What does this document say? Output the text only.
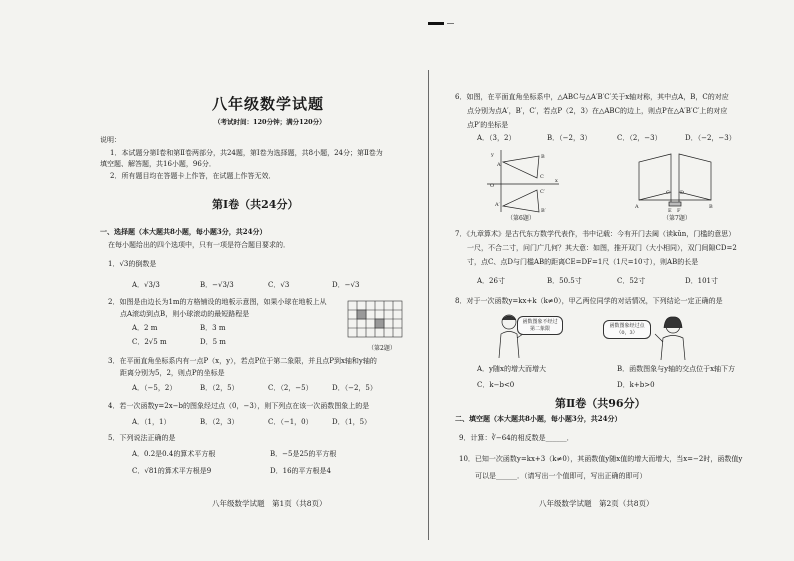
八年级数学试题
（考试时间：120分钟；满分120分）
说明：
1．本试题分第Ⅰ卷和第Ⅱ卷两部分，共24题，第Ⅰ卷为选择题，共8小题，24分；第Ⅱ卷为
填空题、解答题，共16小题，96分．
2．所有题目均在答题卡上作答，在试题上作答无效．
第Ⅰ卷（共24分）
一、选择题（本大题共8小题，每小题3分，共24分）
在每小题给出的四个选项中，只有一项是符合题目要求的．
1．√3的倒数是
A．√3/3	B．−√3/3	C．√3	D．−√3
2．如图是由边长为1m的方格铺设的地板示意图，如果小球在地板上从
点A滚动到点B，则小球滚动的最短路程是
A．2 m	B．3 m
C．2√5 m	D．5 m
（第2题）
3．在平面直角坐标系内有一点P（x，y），若点P位于第二象限，并且点P到x轴和y轴的
距离分别为5，2，则点P的坐标是
A．（−5，2）	B．（2，5）	C．（2，−5）	D．（−2，5）
4．若一次函数y=2x−b的图象经过点（0，−3），则下列点在该一次函数图象上的是
A．（1，1）	B．（2，3）	C．（−1，0）	D．（1，5）
5．下列说法正确的是
A．0.2是0.4的算术平方根	B．−5是25的平方根
C．√81的算术平方根是9	D．16的平方根是4
八年级数学试题　第1页（共8页）
6．如图，在平面直角坐标系中，△ABC与△A′B′C′关于x轴对称，其中点A，B，C的对应
点分别为点A′，B′，C′，若点P（2，3）在△ABC的边上，则点P在△A′B′C′上的对应
点P′的坐标是
A．（3，2）	B．（−2，3）	C．（2，−3）	D．（−2，−3）
y
x
O
A
B
C
A′
B′
C′
（第6题）
A	B
C D
E F
（第7题）
7．《九章算术》是古代东方数学代表作，书中记载：今有开门去阃（读kǔn，门槛的意思）
一尺，不合二寸，问门广几何？其大意：如图，推开双门（大小相同），双门间隙CD=2
寸，点C、点D与门槛AB的距离CE=DF=1尺（1尺=10寸），则AB的长是
A．26寸	B．50.5寸	C．52寸	D．101寸
8．对于一次函数y=kx+k（k≠0），甲乙两位同学的对话情况，下列结论一定正确的是
函数图象不经过第二象限	函数图象经过点（0，3）
A．y随x的增大而增大	B．函数图象与y轴的交点位于x轴下方
C．k−b<0	D．k+b>0
第Ⅱ卷（共96分）
二、填空题（本大题共8小题，每小题3分，共24分）
9．计算：∛−64的相反数是______．
10．已知一次函数y=kx+3（k≠0），其函数值y随x值的增大而增大，当x=−2时，函数值y
可以是______．（请写出一个值即可，写出正确的即可）
八年级数学试题　第2页（共8页）
